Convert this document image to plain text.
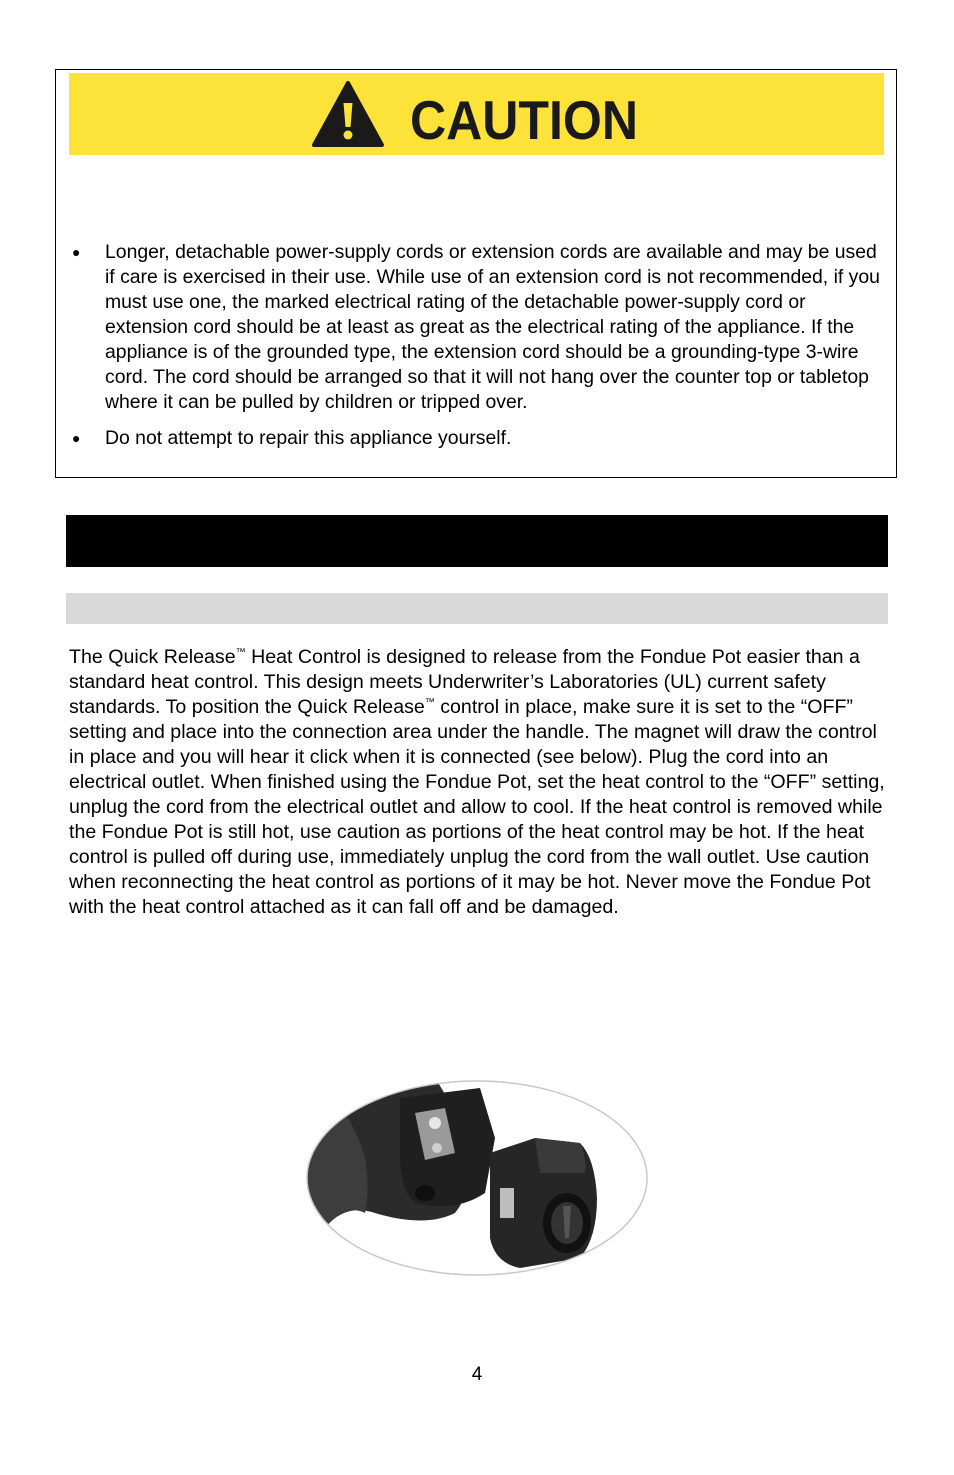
CAUTION
● Longer, detachable power-supply cords or extension cords are available and may be used if care is exercised in their use. While use of an extension cord is not recommended, if you must use one, the marked electrical rating of the detachable power-supply cord or extension cord should be at least as great as the electrical rating of the appliance. If the appliance is of the grounded type, the extension cord should be a grounding-type 3-wire cord. The cord should be arranged so that it will not hang over the counter top or tabletop where it can be pulled by children or tripped over.
● Do not attempt to repair this appliance yourself.

The Quick Release™ Heat Control is designed to release from the Fondue Pot easier than a standard heat control. This design meets Underwriter’s Laboratories (UL) current safety standards. To position the Quick Release™ control in place, make sure it is set to the “OFF” setting and place into the connection area under the handle. The magnet will draw the control in place and you will hear it click when it is connected (see below). Plug the cord into an electrical outlet. When finished using the Fondue Pot, set the heat control to the “OFF” setting, unplug the cord from the electrical outlet and allow to cool. If the heat control is removed while the Fondue Pot is still hot, use caution as portions of the heat control may be hot. If the heat control is pulled off during use, immediately unplug the cord from the wall outlet. Use caution when reconnecting the heat control as portions of it may be hot. Never move the Fondue Pot with the heat control attached as it can fall off and be damaged.

4
